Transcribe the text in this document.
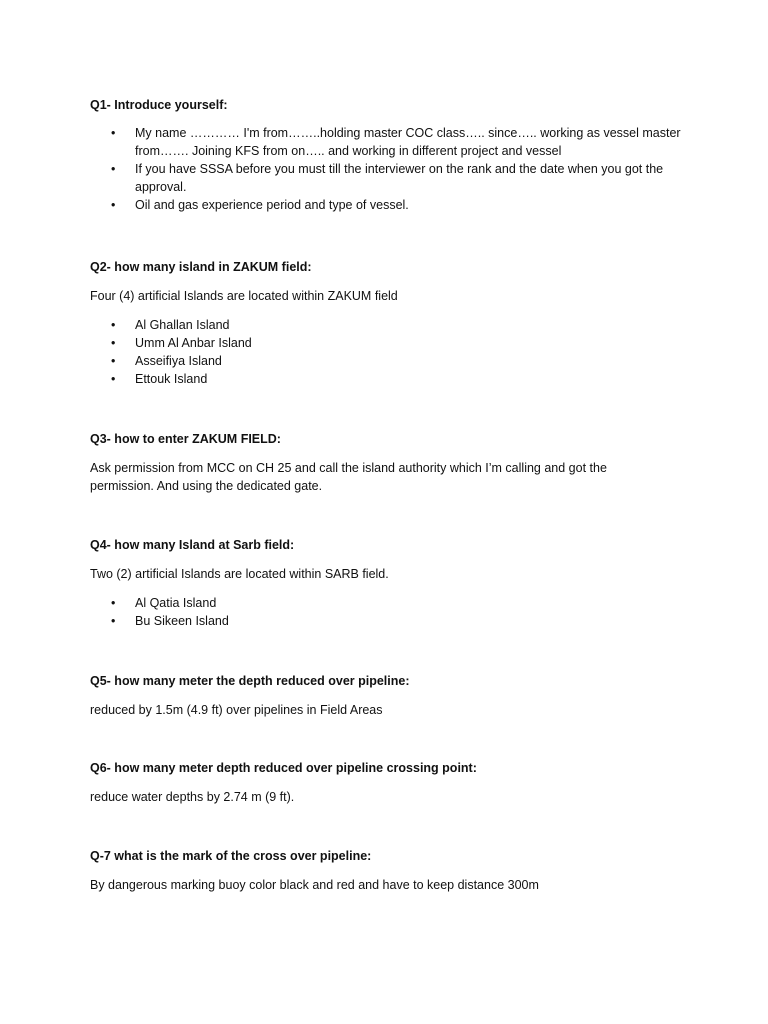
Q1- Introduce yourself:

• My name ………… I'm from……..holding master COC class….. since….. working as vessel master from……. Joining KFS from on….. and working in different project and vessel
• If you have SSSA before you must till the interviewer on the rank and the date when you got the approval.
• Oil and gas experience period and type of vessel.

Q2- how many island in ZAKUM field:

Four (4) artificial Islands are located within ZAKUM field

• Al Ghallan Island
• Umm Al Anbar Island
• Asseifiya Island
• Ettouk Island

Q3- how to enter ZAKUM FIELD:

Ask permission from MCC on CH 25 and call the island authority which I’m calling and got the permission. And using the dedicated gate.

Q4- how many Island at Sarb field:

Two (2) artificial Islands are located within SARB field.

• Al Qatia Island
• Bu Sikeen Island

Q5- how many meter the depth reduced over pipeline:

reduced by 1.5m (4.9 ft) over pipelines in Field Areas

Q6- how many meter depth reduced over pipeline crossing point:

reduce water depths by 2.74 m (9 ft).

Q-7 what is the mark of the cross over pipeline:

By dangerous marking buoy color black and red and have to keep distance 300m
